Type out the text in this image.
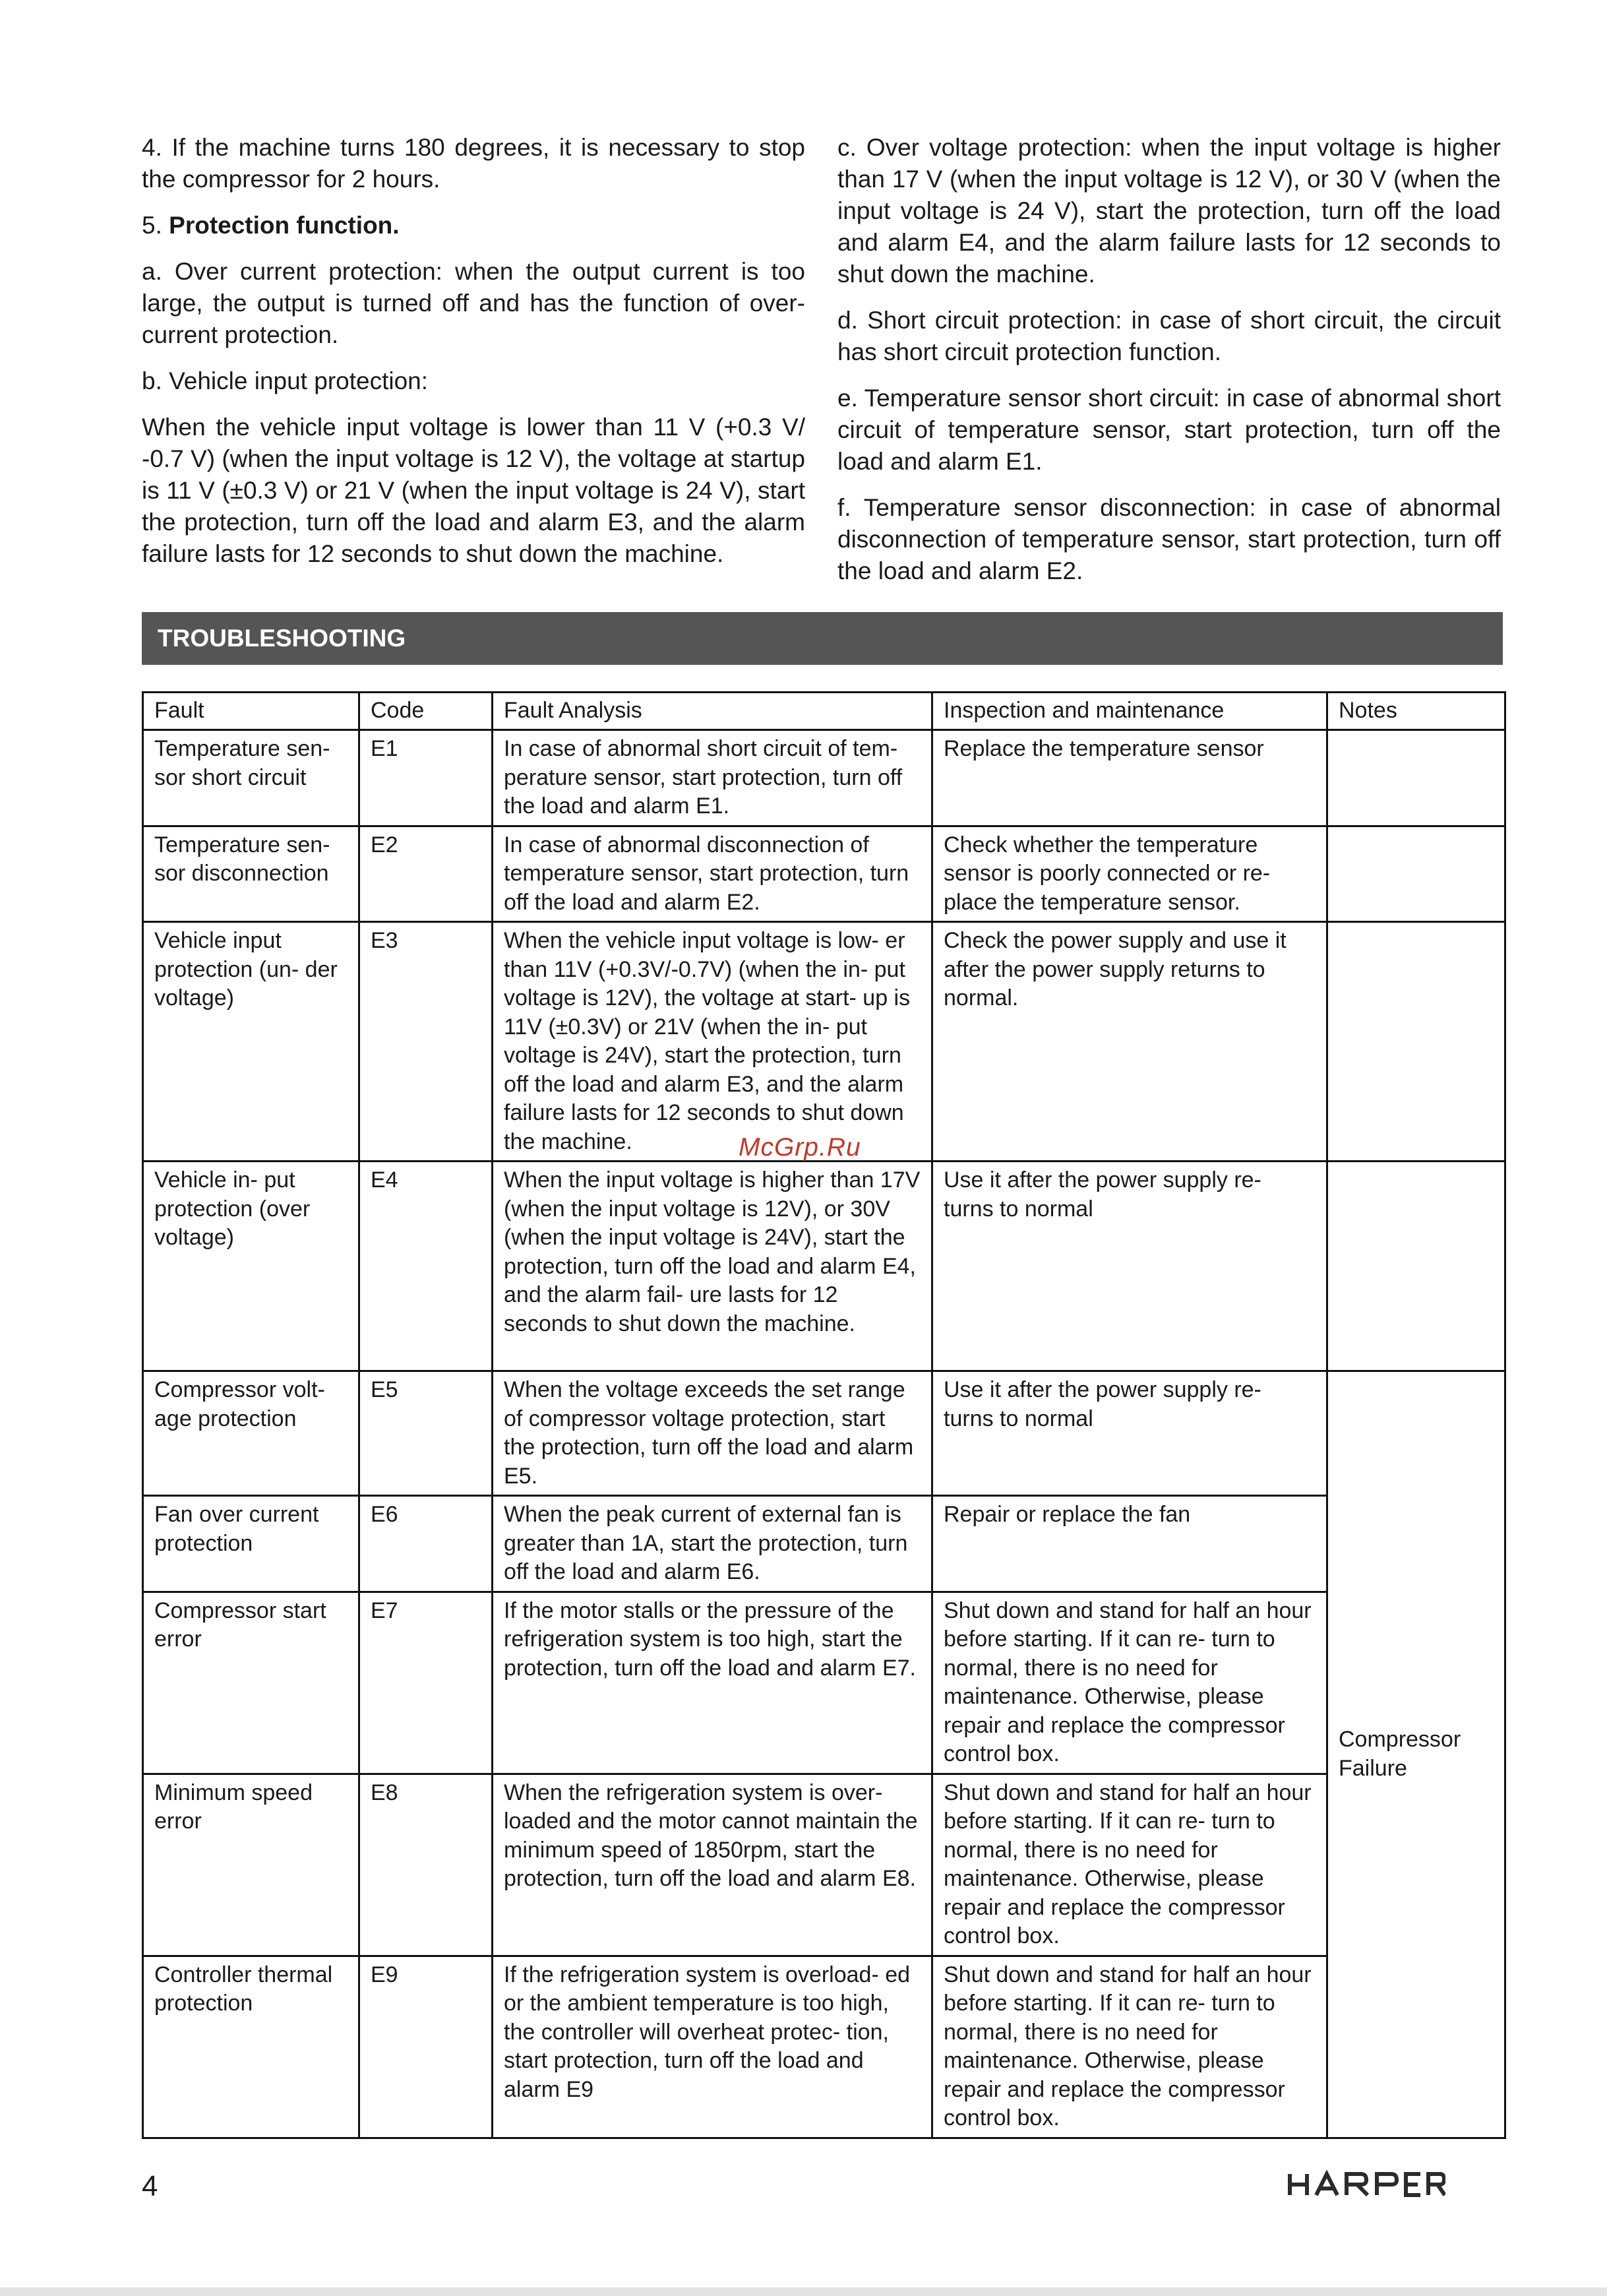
4. If the machine turns 180 degrees, it is necessary to stop the compressor for 2 hours.

5. Protection function.

a. Over current protection: when the output current is too large, the output is turned off and has the function of over-current protection.

b. Vehicle input protection:

When the vehicle input voltage is lower than 11 V (+0.3 V/ -0.7 V) (when the input voltage is 12 V), the voltage at startup is 11 V (±0.3 V) or 21 V (when the input voltage is 24 V), start the protection, turn off the load and alarm E3, and the alarm failure lasts for 12 seconds to shut down the machine.

c. Over voltage protection: when the input voltage is higher than 17 V (when the input voltage is 12 V), or 30 V (when the input voltage is 24 V), start the protection, turn off the load and alarm E4, and the alarm failure lasts for 12 seconds to shut down the machine.

d. Short circuit protection: in case of short circuit, the circuit has short circuit protection function.

e. Temperature sensor short circuit: in case of abnormal short circuit of temperature sensor, start protection, turn off the load and alarm E1.

f. Temperature sensor disconnection: in case of abnormal disconnection of temperature sensor, start protection, turn off the load and alarm E2.

TROUBLESHOOTING
Fault	Code	Fault Analysis	Inspection and maintenance	Notes
Temperature sen- sor short circuit	E1	In case of abnormal short circuit of tem- perature sensor, start protection, turn off the load and alarm E1.	Replace the temperature sensor	
Temperature sen- sor disconnection	E2	In case of abnormal disconnection of temperature sensor, start protection, turn off the load and alarm E2.	Check whether the temperature sensor is poorly connected or re- place the temperature sensor.	
Vehicle input protection (un- der voltage)	E3	When the vehicle input voltage is low- er than 11V (+0.3V/-0.7V) (when the in- put voltage is 12V), the voltage at start- up is 11V (±0.3V) or 21V (when the in- put voltage is 24V), start the protection, turn off the load and alarm E3, and the alarm failure lasts for 12 seconds to shut down the machine.	Check the power supply and use it after the power supply returns to normal.	
Vehicle in- put protection (over voltage)	E4	When the input voltage is higher than 17V (when the input voltage is 12V), or 30V (when the input voltage is 24V), start the protection, turn off the load and alarm E4, and the alarm fail- ure lasts for 12 seconds to shut down the machine.	Use it after the power supply re- turns to normal	
Compressor volt- age protection	E5	When the voltage exceeds the set range of compressor voltage protection, start the protection, turn off the load and alarm E5.	Use it after the power supply re- turns to normal	Compressor Failure
Fan over current protection	E6	When the peak current of external fan is greater than 1A, start the protection, turn off the load and alarm E6.	Repair or replace the fan	
Compressor start error	E7	If the motor stalls or the pressure of the refrigeration system is too high, start the protection, turn off the load and alarm E7.	Shut down and stand for half an hour before starting. If it can re- turn to normal, there is no need for maintenance. Otherwise, please repair and replace the compressor control box.	
Minimum speed error	E8	When the refrigeration system is over- loaded and the motor cannot maintain the minimum speed of 1850rpm, start the protection, turn off the load and alarm E8.	Shut down and stand for half an hour before starting. If it can re- turn to normal, there is no need for maintenance. Otherwise, please repair and replace the compressor control box.	
Controller thermal protection	E9	If the refrigeration system is overload- ed or the ambient temperature is too high, the controller will overheat protec- tion, start protection, turn off the load and alarm E9	Shut down and stand for half an hour before starting. If it can re- turn to normal, there is no need for maintenance. Otherwise, please repair and replace the compressor control box.	
McGrp.Ru
4
